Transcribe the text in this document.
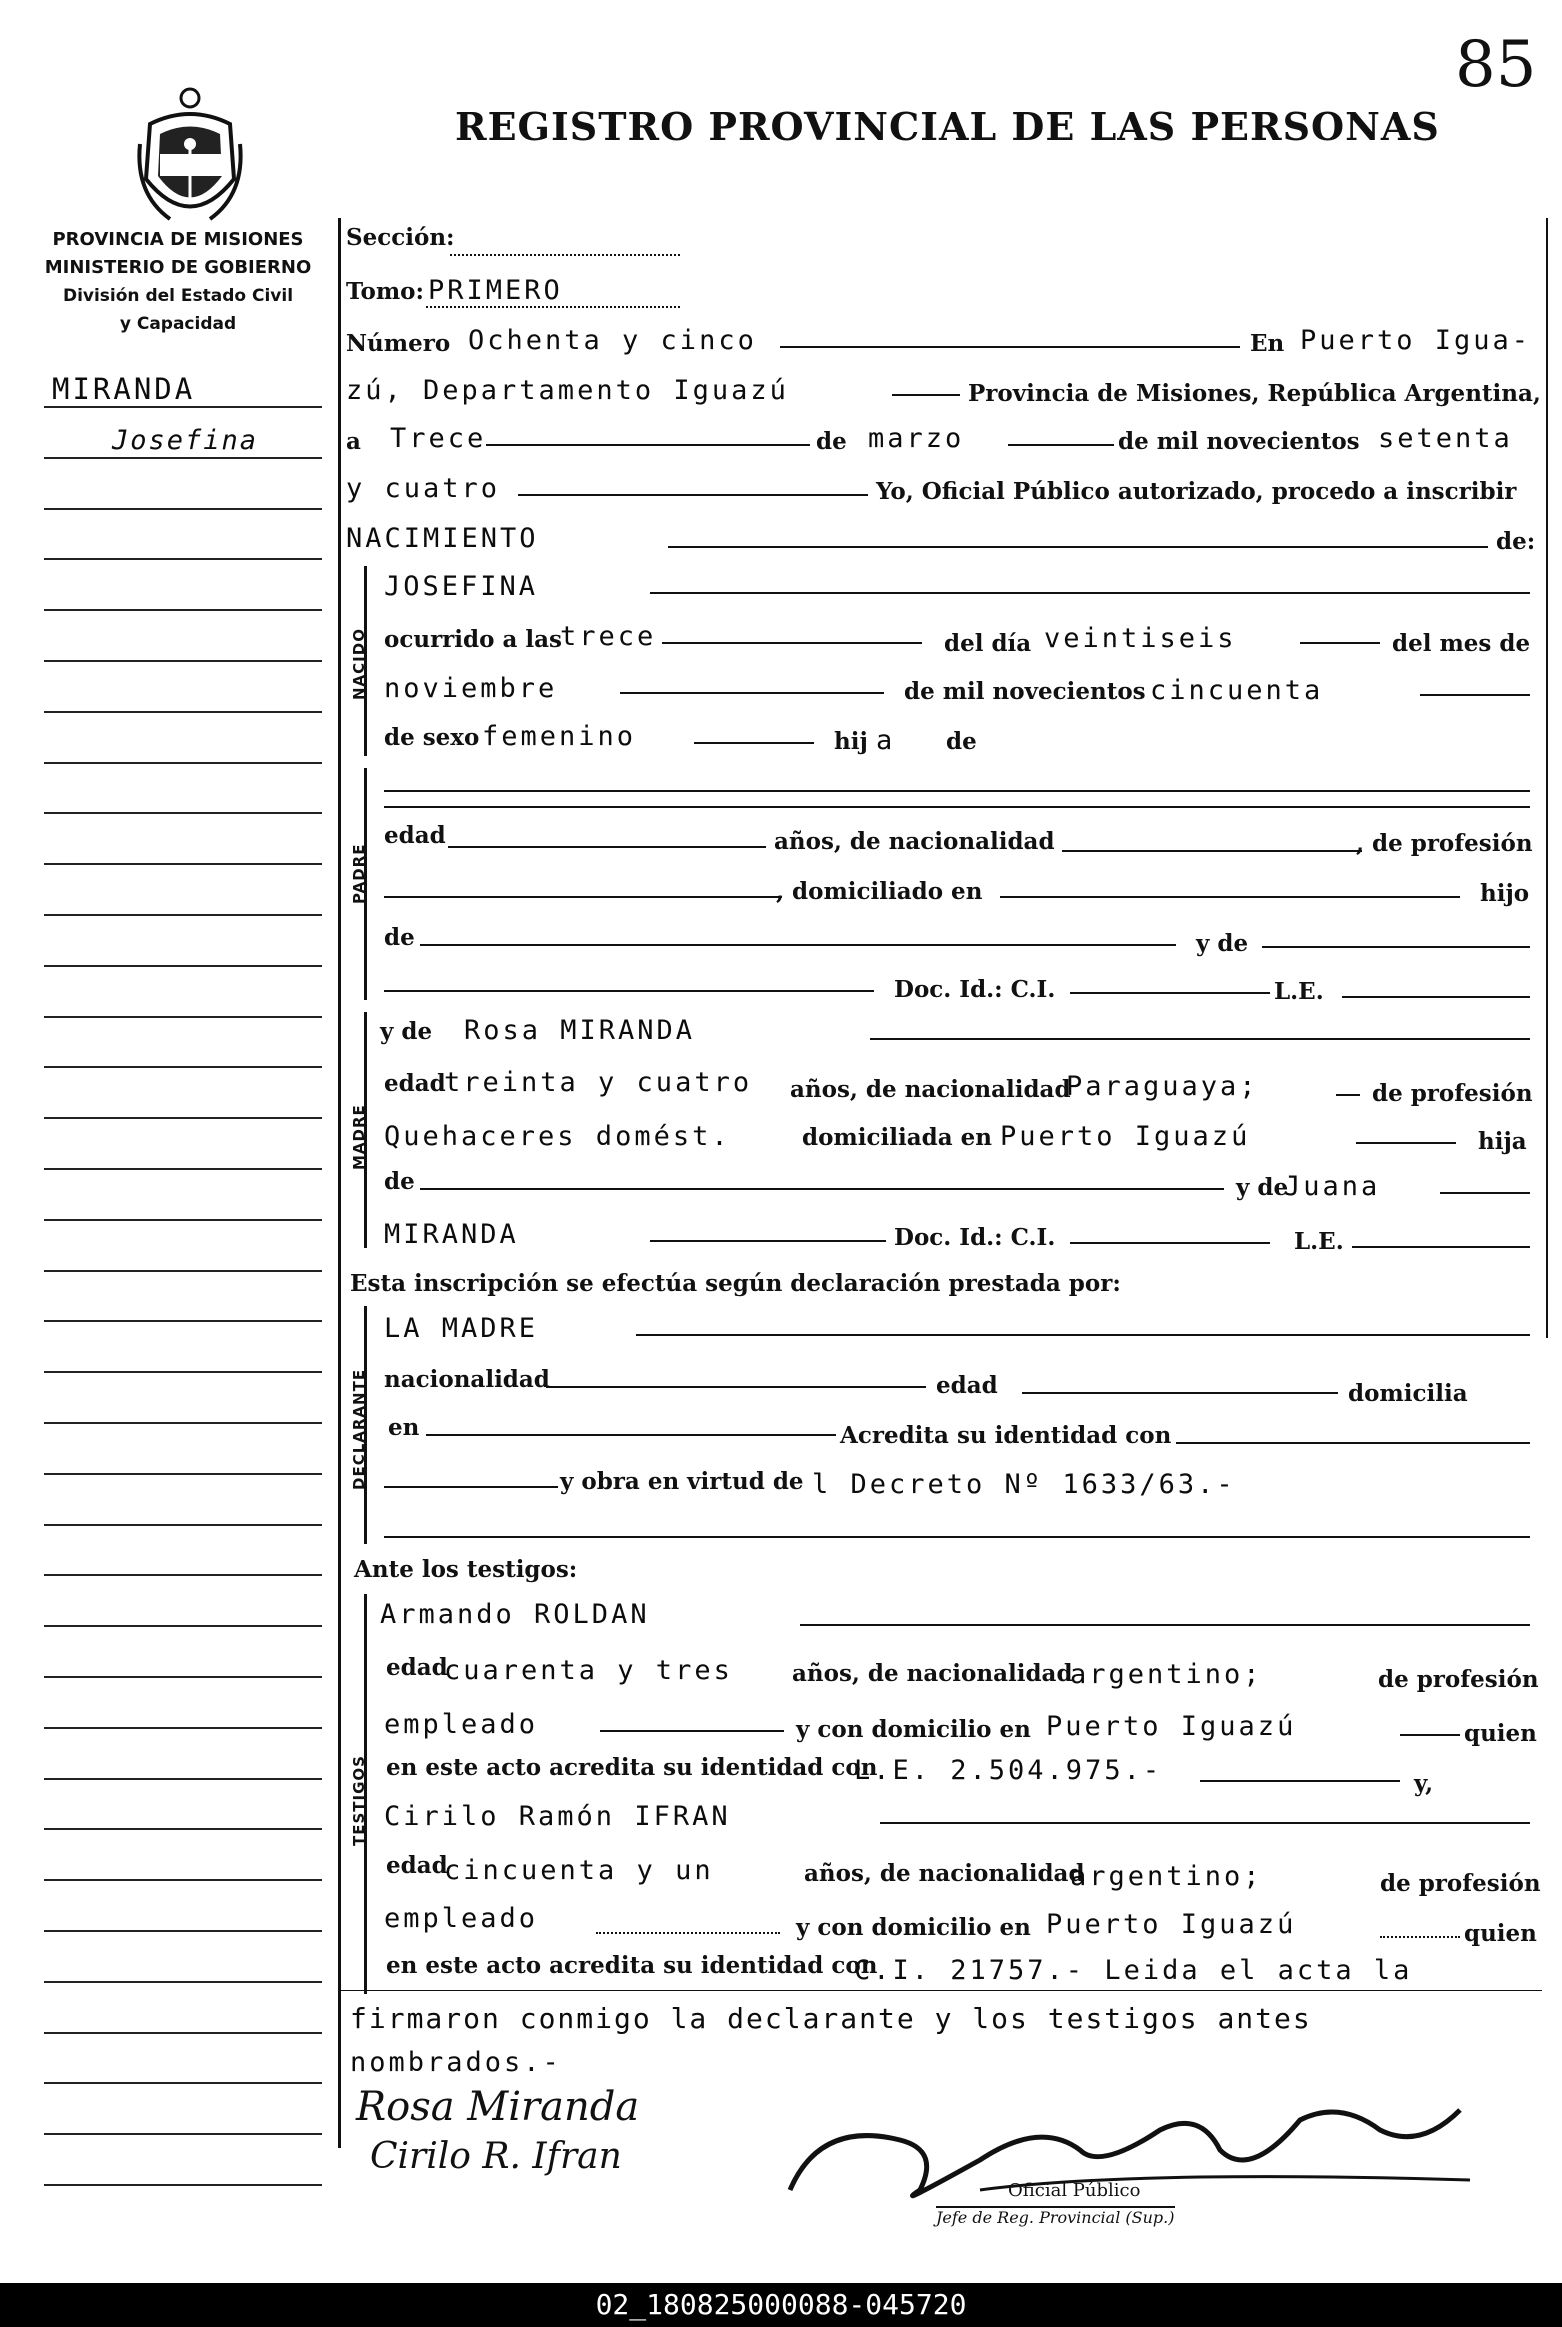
85
REGISTRO PROVINCIAL DE LAS PERSONAS
PROVINCIA DE MISIONES
MINISTERIO DE GOBIERNO
División del Estado Civil
y Capacidad
MIRANDA
Josefina
Sección:
Tomo: PRIMERO
Número Ochenta y cinco	En Puerto Igua-
zú, Departamento Iguazú	Provincia de Misiones, República Argentina,
a Trece	de marzo	de mil novecientos setenta
y cuatro	Yo, Oficial Público autorizado, procedo a inscribir
NACIMIENTO	de:
NACIDO
JOSEFINA
ocurrido a las
trece	del día veintiseis	del mes de
noviembre	de mil novecientos cincuenta
de sexo femenino	hij a de
PADRE
edad	años, de nacionalidad	, de profesión
, domiciliado en	hijo
de	y de
Doc. Id.: C.I.	L.E.
MADRE
y de Rosa MIRANDA
edad
treinta y cuatro años, de nacionalidad
Paraguaya;	de profesión
Quehaceres domést.	domiciliada en Puerto Iguazú	hija
de	y de
Juana
MIRANDA	Doc. Id.: C.I.	L.E.
Esta inscripción se efectúa según declaración prestada por:
DECLARANTE
LA MADRE
nacionalidad	edad	domicilia
en	Acredita su identidad con
y obra en virtud de l Decreto Nº 1633/63.-
Ante los testigos:
TESTIGOS
Armando ROLDAN
edad
cuarenta y tres	años, de nacionalidad
argentino;	de profesión
empleado	y con domicilio en Puerto Iguazú	quien
en este acto acredita su identidad con
L.E. 2.504.975.-	y,
Cirilo Ramón IFRAN
edad
cincuenta y un	años, de nacionalidad
argentino;	de profesión
empleado	y con domicilio en Puerto Iguazú	quien
en este acto acredita su identidad con
C.I. 21757.- Leida el acta la
firmaron conmigo la declarante y los testigos antes
nombrados.-
Rosa Miranda
Cirilo R. Ifran
Oficial Público
Jefe de Reg. Provincial (Sup.)
02_180825000088-045720
